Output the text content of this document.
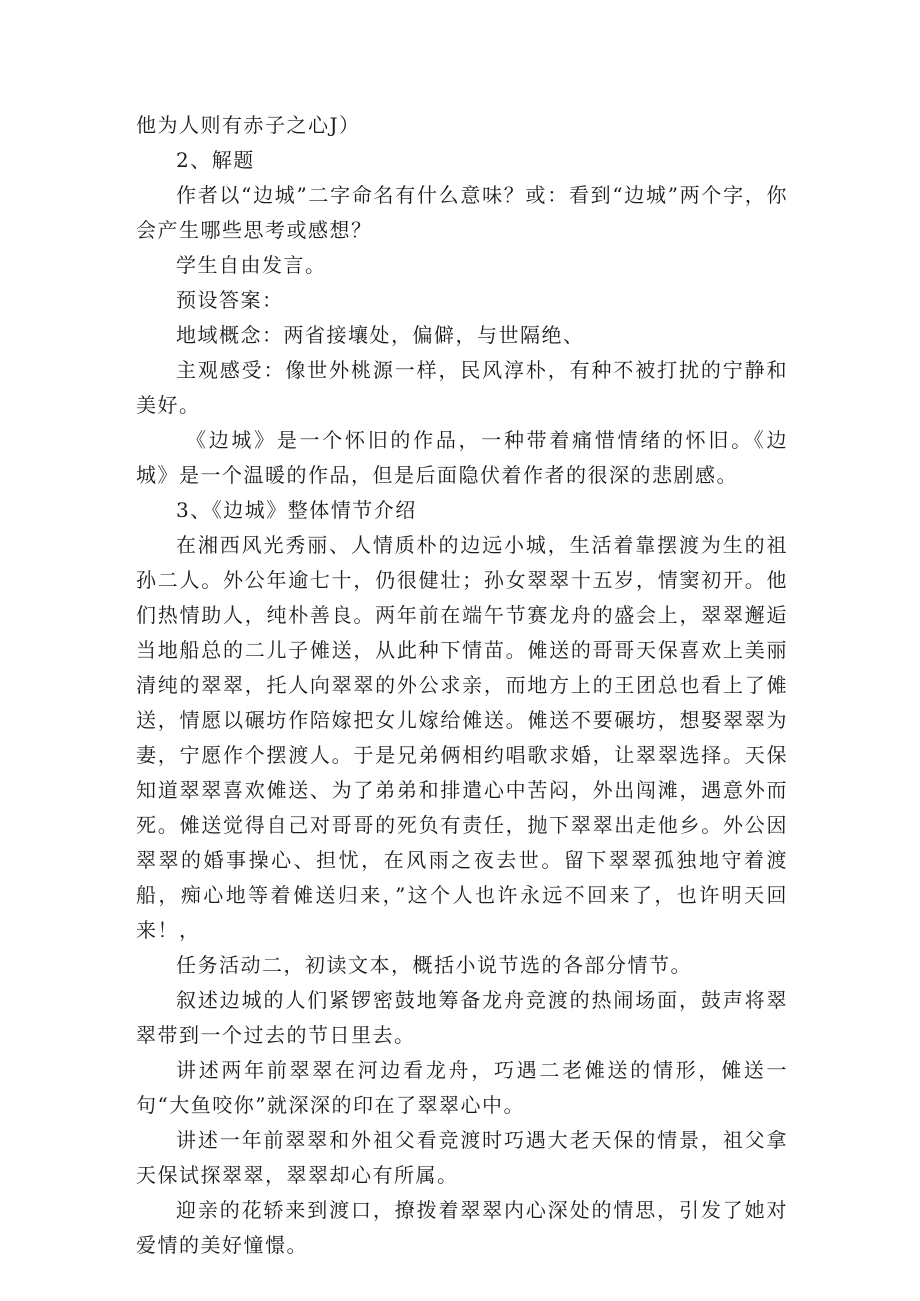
他为人则有赤子之心J）

2、解题

作者以“边城”二字命名有什么意味？或：看到“边城”两个字，你会产生哪些思考或感想？

学生自由发言。

预设答案：

地域概念：两省接壤处，偏僻，与世隔绝、

主观感受：像世外桃源一样，民风淳朴，有种不被打扰的宁静和美好。

《边城》是一个怀旧的作品，一种带着痛惜情绪的怀旧。《边城》是一个温暖的作品，但是后面隐伏着作者的很深的悲剧感。

3、《边城》整体情节介绍

在湘西风光秀丽、人情质朴的边远小城，生活着靠摆渡为生的祖孙二人。外公年逾七十，仍很健壮；孙女翠翠十五岁，情窦初开。他们热情助人，纯朴善良。两年前在端午节赛龙舟的盛会上，翠翠邂逅当地船总的二儿子傩送，从此种下情苗。傩送的哥哥天保喜欢上美丽清纯的翠翠，托人向翠翠的外公求亲，而地方上的王团总也看上了傩送，情愿以碾坊作陪嫁把女儿嫁给傩送。傩送不要碾坊，想娶翠翠为妻，宁愿作个摆渡人。于是兄弟俩相约唱歌求婚，让翠翠选择。天保知道翠翠喜欢傩送、为了弟弟和排遣心中苦闷，外出闯滩，遇意外而死。傩送觉得自己对哥哥的死负有责任，抛下翠翠出走他乡。外公因翠翠的婚事操心、担忧，在风雨之夜去世。留下翠翠孤独地守着渡船，痴心地等着傩送归来，”这个人也许永远不回来了，也许明天回来！，

任务活动二，初读文本，概括小说节选的各部分情节。

叙述边城的人们紧锣密鼓地筹备龙舟竞渡的热闹场面，鼓声将翠翠带到一个过去的节日里去。

讲述两年前翠翠在河边看龙舟，巧遇二老傩送的情形，傩送一句“大鱼咬你”就深深的印在了翠翠心中。

讲述一年前翠翠和外祖父看竞渡时巧遇大老天保的情景，祖父拿天保试探翠翠，翠翠却心有所属。

迎亲的花轿来到渡口，撩拨着翠翠内心深处的情思，引发了她对爱情的美好憧憬。
